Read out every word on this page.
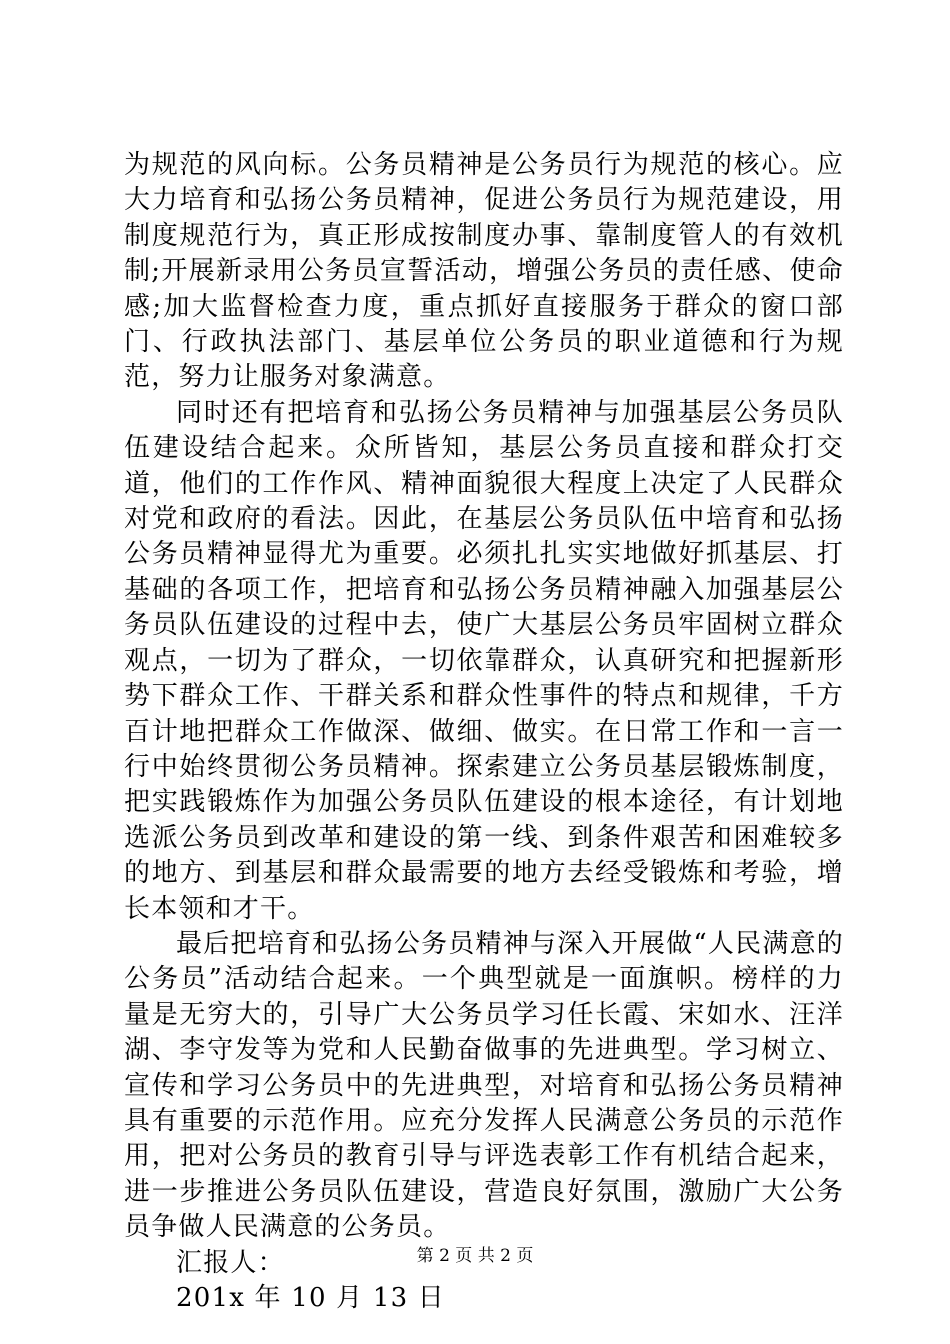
为规范的风向标。公务员精神是公务员行为规范的核心。应大力培育和弘扬公务员精神，促进公务员行为规范建设，用制度规范行为，真正形成按制度办事、靠制度管人的有效机制;开展新录用公务员宣誓活动，增强公务员的责任感、使命感;加大监督检查力度，重点抓好直接服务于群众的窗口部门、行政执法部门、基层单位公务员的职业道德和行为规范，努力让服务对象满意。

同时还有把培育和弘扬公务员精神与加强基层公务员队伍建设结合起来。众所皆知，基层公务员直接和群众打交道，他们的工作作风、精神面貌很大程度上决定了人民群众对党和政府的看法。因此，在基层公务员队伍中培育和弘扬公务员精神显得尤为重要。必须扎扎实实地做好抓基层、打基础的各项工作，把培育和弘扬公务员精神融入加强基层公务员队伍建设的过程中去，使广大基层公务员牢固树立群众观点，一切为了群众，一切依靠群众，认真研究和把握新形势下群众工作、干群关系和群众性事件的特点和规律，千方百计地把群众工作做深、做细、做实。在日常工作和一言一行中始终贯彻公务员精神。探索建立公务员基层锻炼制度，把实践锻炼作为加强公务员队伍建设的根本途径，有计划地选派公务员到改革和建设的第一线、到条件艰苦和困难较多的地方、到基层和群众最需要的地方去经受锻炼和考验，增长本领和才干。

最后把培育和弘扬公务员精神与深入开展做“人民满意的公务员”活动结合起来。一个典型就是一面旗帜。榜样的力量是无穷大的，引导广大公务员学习任长霞、宋如水、汪洋湖、李守发等为党和人民勤奋做事的先进典型。学习树立、宣传和学习公务员中的先进典型，对培育和弘扬公务员精神具有重要的示范作用。应充分发挥人民满意公务员的示范作用，把对公务员的教育引导与评选表彰工作有机结合起来，进一步推进公务员队伍建设，营造良好氛围，激励广大公务员争做人民满意的公务员。

汇报人：

201x 年 10 月 13 日

第 2 页 共 2 页
